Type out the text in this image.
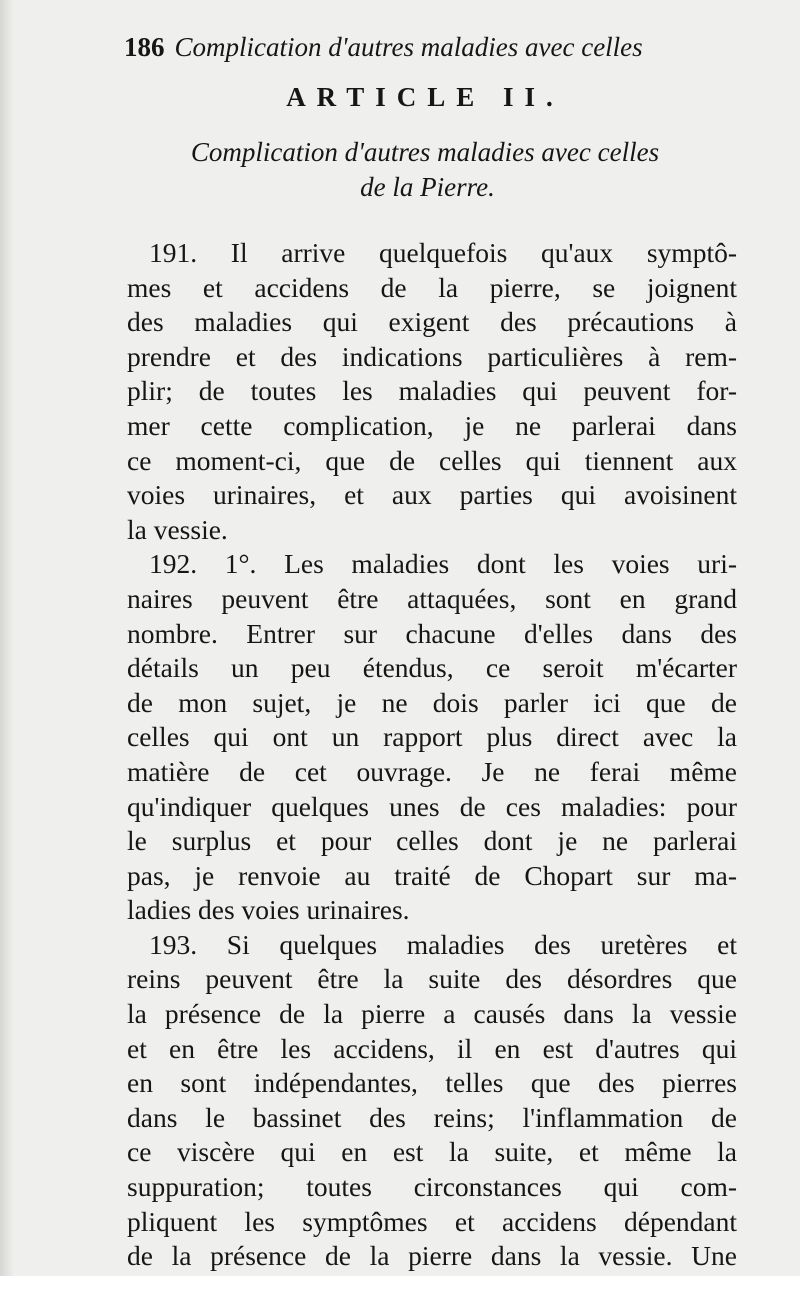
186 Complication d'autres maladies avec celles
ARTICLE II.
Complication d'autres maladies avec celles
de la Pierre.
191. Il arrive quelquefois qu'aux symptô-
mes et accidens de la pierre, se joignent
des maladies qui exigent des précautions à
prendre et des indications particulières à rem-
plir; de toutes les maladies qui peuvent for-
mer cette complication, je ne parlerai dans
ce moment-ci, que de celles qui tiennent aux
voies urinaires, et aux parties qui avoisinent
la vessie.
192. 1°. Les maladies dont les voies uri-
naires peuvent être attaquées, sont en grand
nombre. Entrer sur chacune d'elles dans des
détails un peu étendus, ce seroit m'écarter
de mon sujet, je ne dois parler ici que de
celles qui ont un rapport plus direct avec la
matière de cet ouvrage. Je ne ferai même
qu'indiquer quelques unes de ces maladies: pour
le surplus et pour celles dont je ne parlerai
pas, je renvoie au traité de Chopart sur ma-
ladies des voies urinaires.
193. Si quelques maladies des uretères et
reins peuvent être la suite des désordres que
la présence de la pierre a causés dans la vessie
et en être les accidens, il en est d'autres qui
en sont indépendantes, telles que des pierres
dans le bassinet des reins; l'inflammation de
ce viscère qui en est la suite, et même la
suppuration; toutes circonstances qui com-
pliquent les symptômes et accidens dépendant
de la présence de la pierre dans la vessie. Une
